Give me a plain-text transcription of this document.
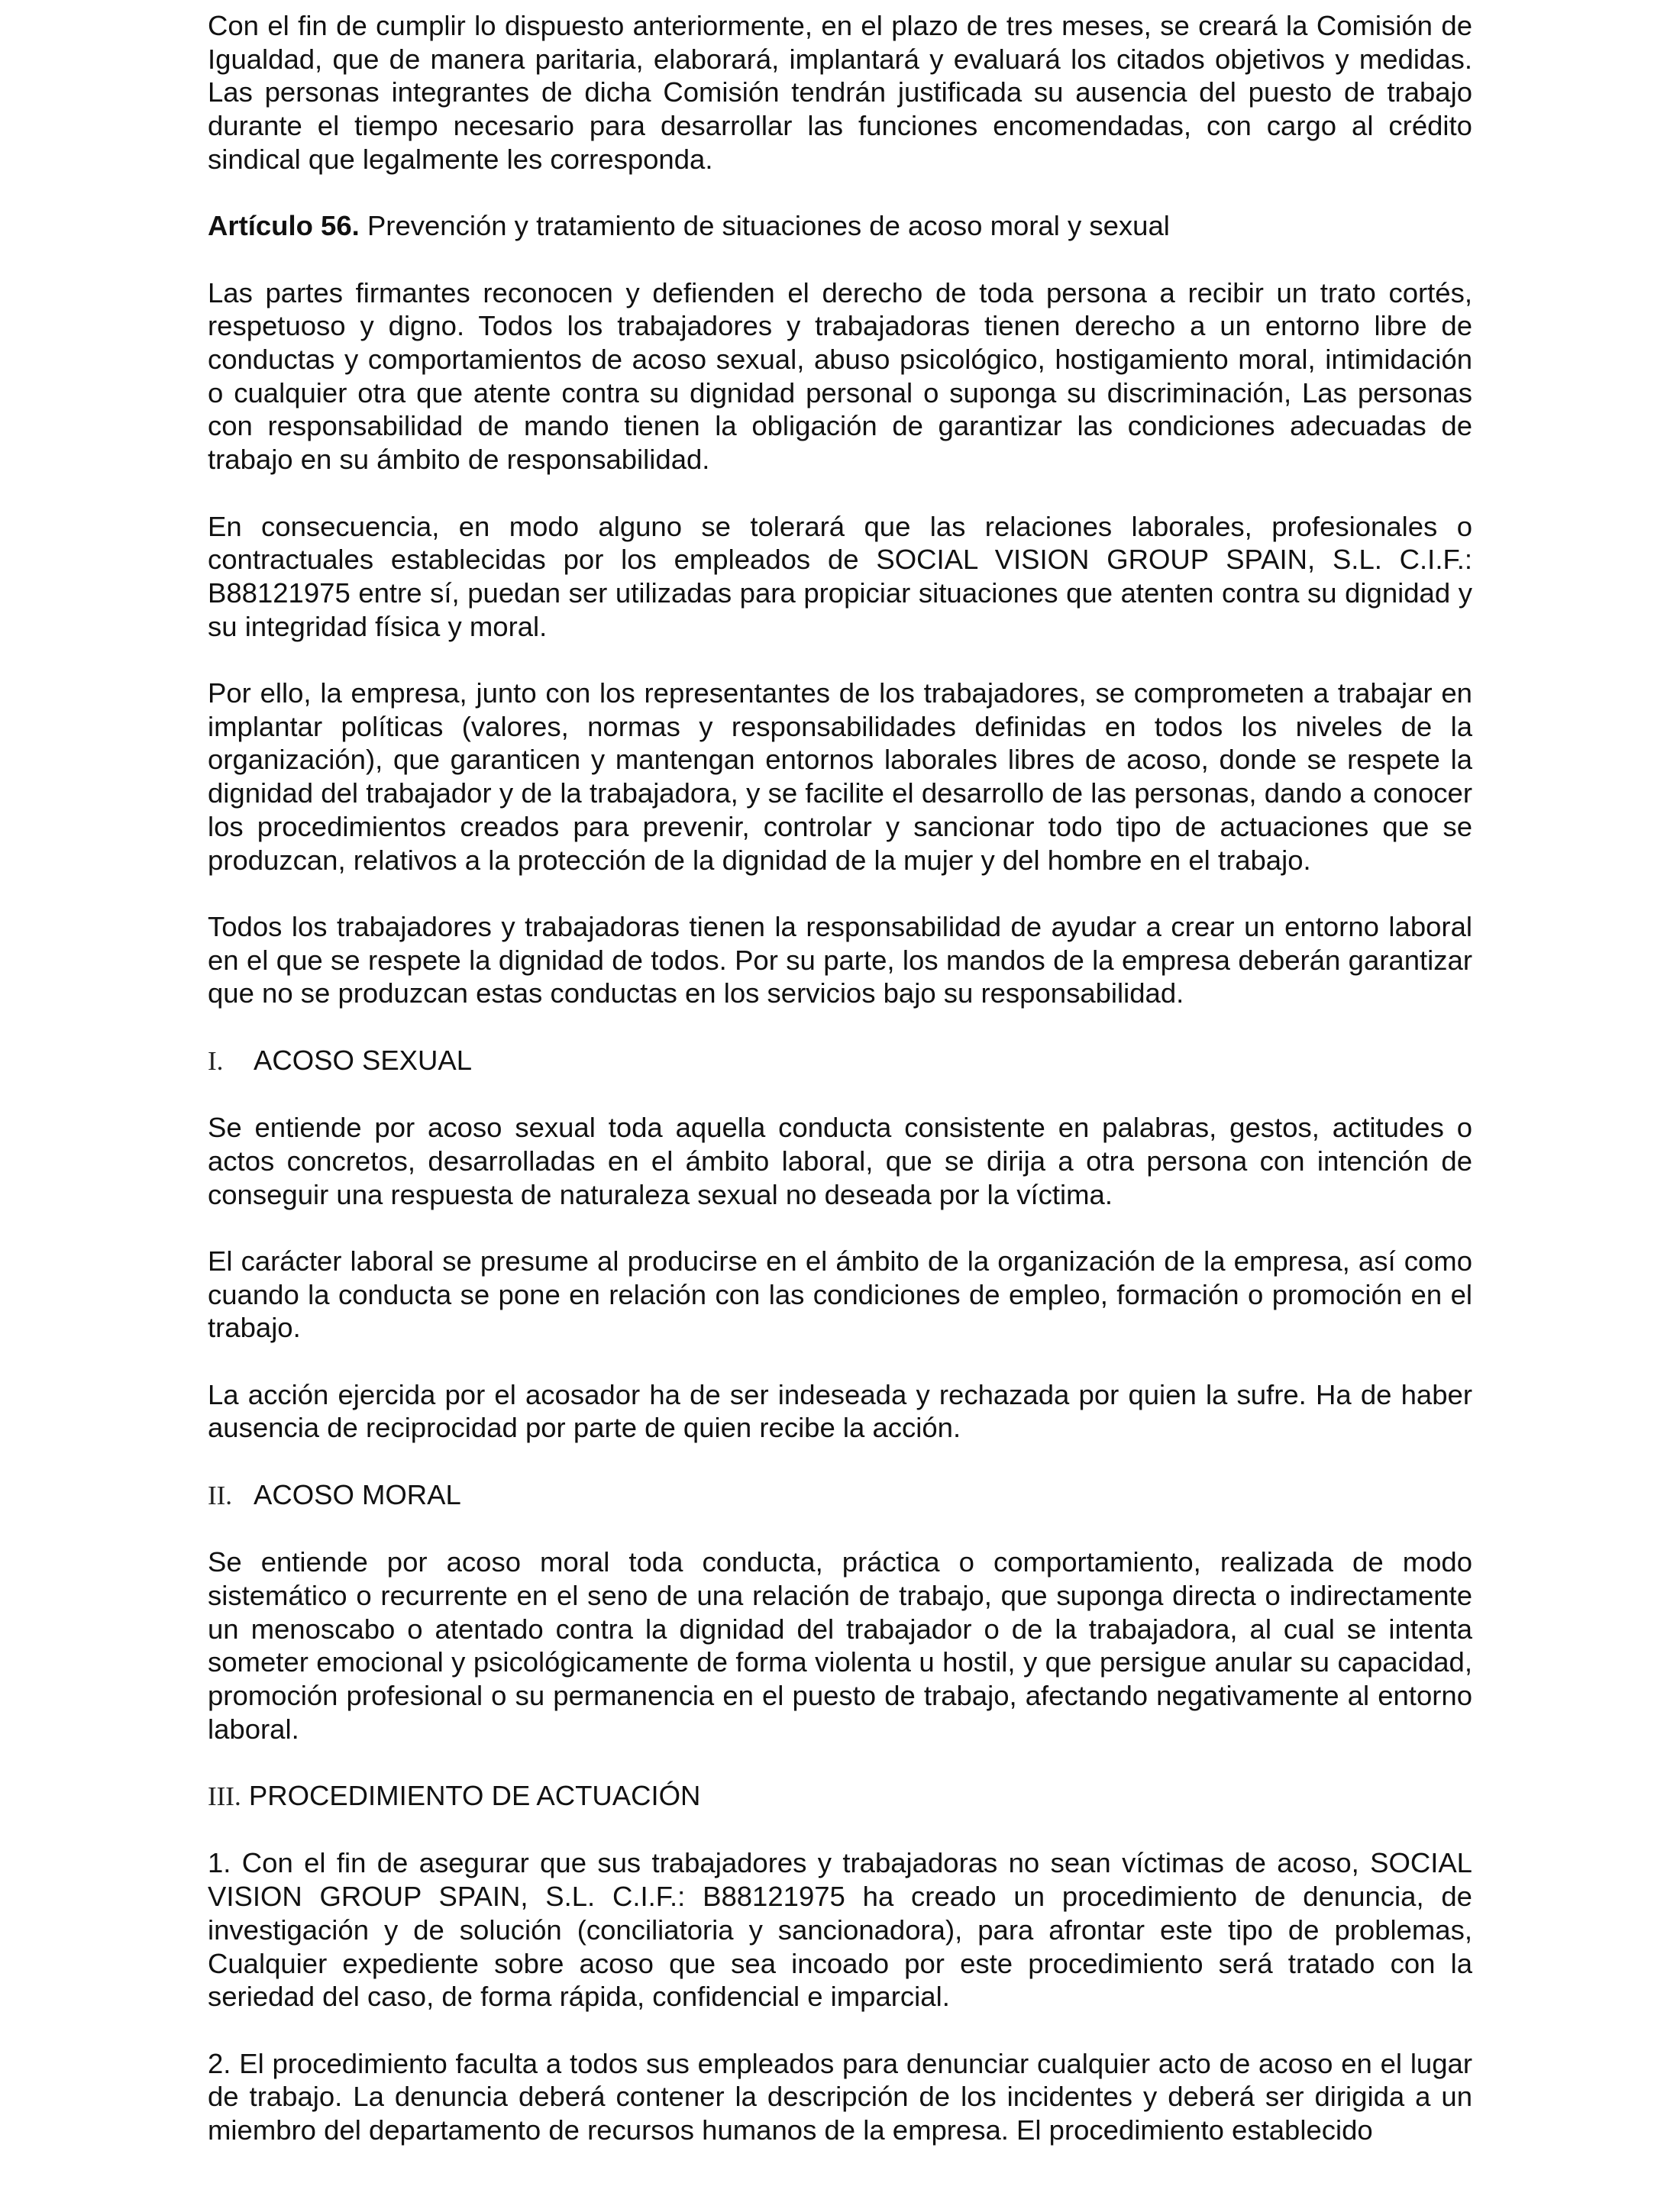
Con el fin de cumplir lo dispuesto anteriormente, en el plazo de tres meses, se creará la Comisión de Igualdad, que de manera paritaria, elaborará, implantará y evaluará los citados objetivos y medidas. Las personas integrantes de dicha Comisión tendrán justificada su ausencia del puesto de trabajo durante el tiempo necesario para desarrollar las funciones encomendadas, con cargo al crédito sindical que legalmente les corresponda.

Artículo 56. Prevención y tratamiento de situaciones de acoso moral y sexual

Las partes firmantes reconocen y defienden el derecho de toda persona a recibir un trato cortés, respetuoso y digno. Todos los trabajadores y trabajadoras tienen derecho a un entorno libre de conductas y comportamientos de acoso sexual, abuso psicológico, hostigamiento moral, intimidación o cualquier otra que atente contra su dignidad personal o suponga su discriminación, Las personas con responsabilidad de mando tienen la obligación de garantizar las condiciones adecuadas de trabajo en su ámbito de responsabilidad.

En consecuencia, en modo alguno se tolerará que las relaciones laborales, profesionales o contractuales establecidas por los empleados de SOCIAL VISION GROUP SPAIN, S.L. C.I.F.: B88121975 entre sí, puedan ser utilizadas para propiciar situaciones que atenten contra su dignidad y su integridad física y moral.

Por ello, la empresa, junto con los representantes de los trabajadores, se comprometen a trabajar en implantar políticas (valores, normas y responsabilidades definidas en todos los niveles de la organización), que garanticen y mantengan entornos laborales libres de acoso, donde se respete la dignidad del trabajador y de la trabajadora, y se facilite el desarrollo de las personas, dando a conocer los procedimientos creados para prevenir, controlar y sancionar todo tipo de actuaciones que se produzcan, relativos a la protección de la dignidad de la mujer y del hombre en el trabajo.

Todos los trabajadores y trabajadoras tienen la responsabilidad de ayudar a crear un entorno laboral en el que se respete la dignidad de todos. Por su parte, los mandos de la empresa deberán garantizar que no se produzcan estas conductas en los servicios bajo su responsabilidad.

I. ACOSO SEXUAL

Se entiende por acoso sexual toda aquella conducta consistente en palabras, gestos, actitudes o actos concretos, desarrolladas en el ámbito laboral, que se dirija a otra persona con intención de conseguir una respuesta de naturaleza sexual no deseada por la víctima.

El carácter laboral se presume al producirse en el ámbito de la organización de la empresa, así como cuando la conducta se pone en relación con las condiciones de empleo, formación o promoción en el trabajo.

La acción ejercida por el acosador ha de ser indeseada y rechazada por quien la sufre. Ha de haber ausencia de reciprocidad por parte de quien recibe la acción.

II. ACOSO MORAL

Se entiende por acoso moral toda conducta, práctica o comportamiento, realizada de modo sistemático o recurrente en el seno de una relación de trabajo, que suponga directa o indirectamente un menoscabo o atentado contra la dignidad del trabajador o de la trabajadora, al cual se intenta someter emocional y psicológicamente de forma violenta u hostil, y que persigue anular su capacidad, promoción profesional o su permanencia en el puesto de trabajo, afectando negativamente al entorno laboral.

III. PROCEDIMIENTO DE ACTUACIÓN

1. Con el fin de asegurar que sus trabajadores y trabajadoras no sean víctimas de acoso, SOCIAL VISION GROUP SPAIN, S.L. C.I.F.: B88121975 ha creado un procedimiento de denuncia, de investigación y de solución (conciliatoria y sancionadora), para afrontar este tipo de problemas, Cualquier expediente sobre acoso que sea incoado por este procedimiento será tratado con la seriedad del caso, de forma rápida, confidencial e imparcial.

2. El procedimiento faculta a todos sus empleados para denunciar cualquier acto de acoso en el lugar de trabajo. La denuncia deberá contener la descripción de los incidentes y deberá ser dirigida a un miembro del departamento de recursos humanos de la empresa. El procedimiento establecido
